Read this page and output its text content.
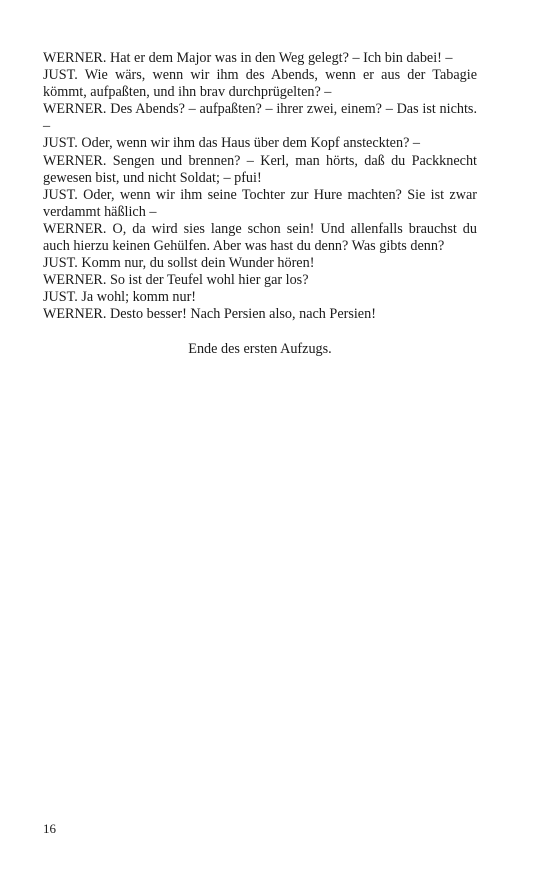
WERNER. Hat er dem Major was in den Weg gelegt? – Ich bin dabei! –

JUST. Wie wärs, wenn wir ihm des Abends, wenn er aus der Tabagie kömmt, aufpaßten, und ihn brav durchprügelten? –

WERNER. Des Abends? – aufpaßten? – ihrer zwei, einem? – Das ist nichts. –

JUST. Oder, wenn wir ihm das Haus über dem Kopf ansteckten? –

WERNER. Sengen und brennen? – Kerl, man hörts, daß du Packknecht gewesen bist, und nicht Soldat; – pfui!

JUST. Oder, wenn wir ihm seine Tochter zur Hure machten? Sie ist zwar verdammt häßlich –

WERNER. O, da wird sies lange schon sein! Und allenfalls brauchst du auch hierzu keinen Gehülfen. Aber was hast du denn? Was gibts denn?

JUST. Komm nur, du sollst dein Wunder hören!

WERNER. So ist der Teufel wohl hier gar los?

JUST. Ja wohl; komm nur!

WERNER. Desto besser! Nach Persien also, nach Persien!

Ende des ersten Aufzugs.

16
